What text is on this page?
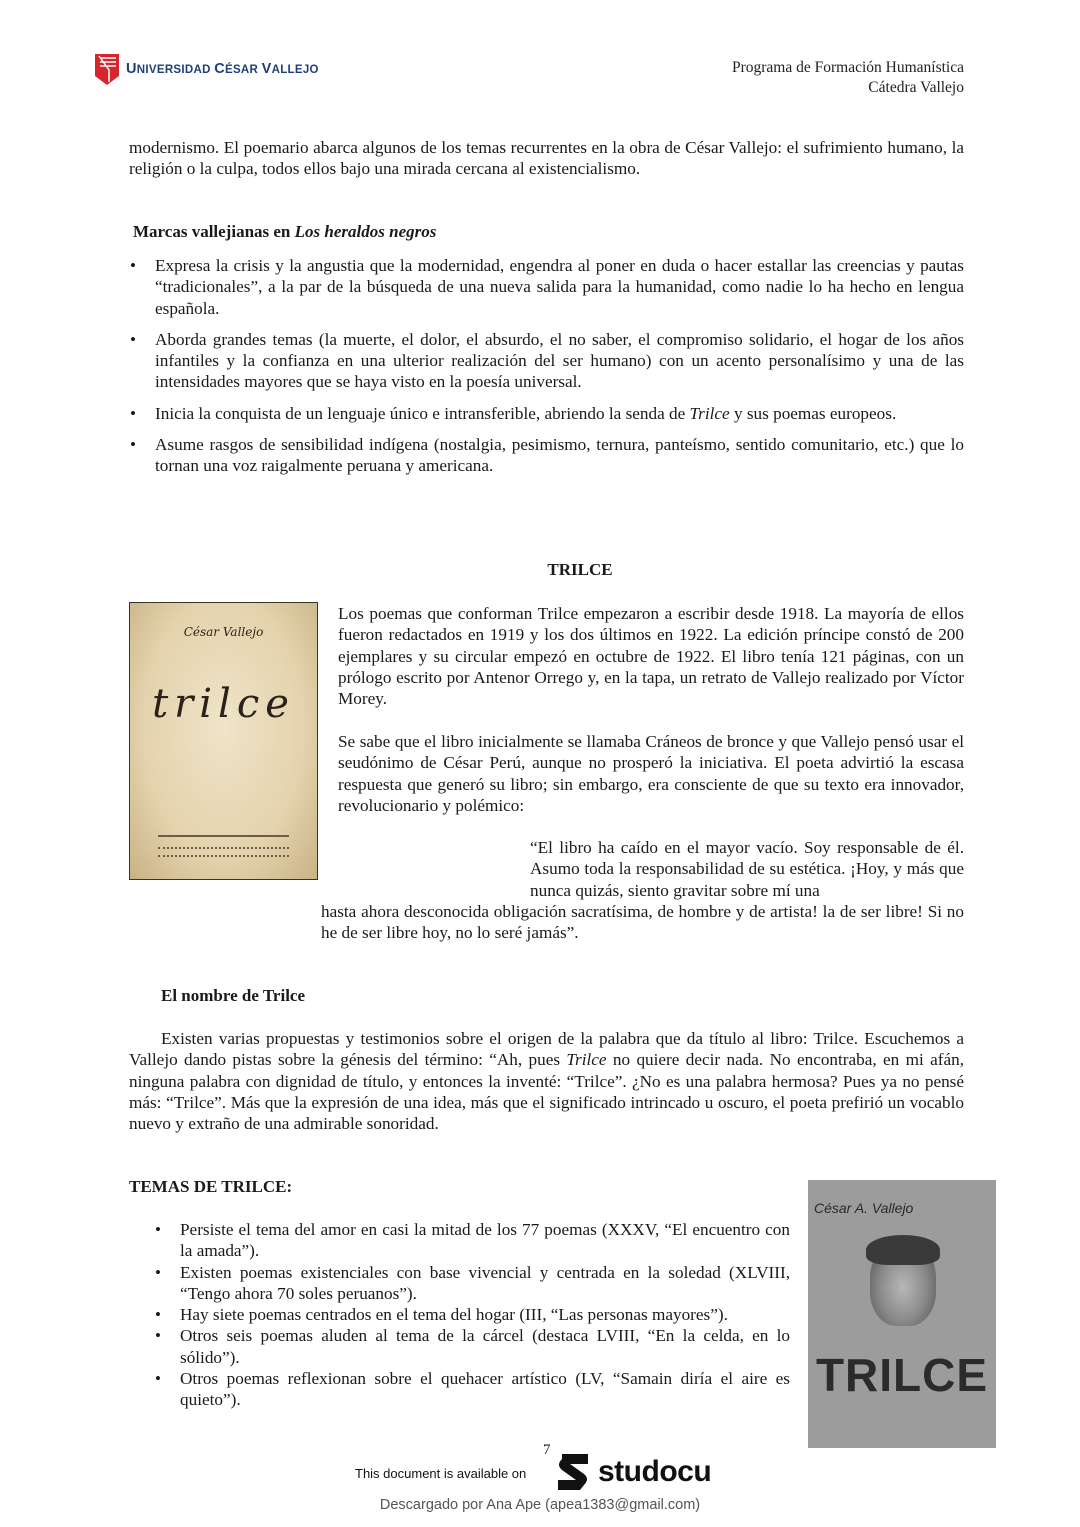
UNIVERSIDAD CÉSAR VALLEJO	Programa de Formación Humanística
Cátedra Vallejo
modernismo. El poemario abarca algunos de los temas recurrentes en la obra de César Vallejo: el sufrimiento humano, la religión o la culpa, todos ellos bajo una mirada cercana al existencialismo.
Marcas vallejianas en Los heraldos negros
• Expresa la crisis y la angustia que la modernidad, engendra al poner en duda o hacer estallar las creencias y pautas “tradicionales”, a la par de la búsqueda de una nueva salida para la humanidad, como nadie lo ha hecho en lengua española.
• Aborda grandes temas (la muerte, el dolor, el absurdo, el no saber, el compromiso solidario, el hogar de los años infantiles y la confianza en una ulterior realización del ser humano) con un acento personalísimo y una de las intensidades mayores que se haya visto en la poesía universal.
• Inicia la conquista de un lenguaje único e intransferible, abriendo la senda de Trilce y sus poemas europeos.
• Asume rasgos de sensibilidad indígena (nostalgia, pesimismo, ternura, panteísmo, sentido comunitario, etc.) que lo tornan una voz raigalmente peruana y americana.
TRILCE
César Vallejo
trilce
Los poemas que conforman Trilce empezaron a escribir desde 1918. La mayoría de ellos fueron redactados en 1919 y los dos últimos en 1922. La edición príncipe constó de 200 ejemplares y su circular empezó en octubre de 1922. El libro tenía 121 páginas, con un prólogo escrito por Antenor Orrego y, en la tapa, un retrato de Vallejo realizado por Víctor Morey.
Se sabe que el libro inicialmente se llamaba Cráneos de bronce y que Vallejo pensó usar el seudónimo de César Perú, aunque no prosperó la iniciativa. El poeta advirtió la escasa respuesta que generó su libro; sin embargo, era consciente de que su texto era innovador, revolucionario y polémico:
“El libro ha caído en el mayor vacío. Soy responsable de él. Asumo toda la responsabilidad de su estética. ¡Hoy, y más que nunca quizás, siento gravitar sobre mí una
hasta ahora desconocida obligación sacratísima, de hombre y de artista! la de ser libre! Si no he de ser libre hoy, no lo seré jamás”.
El nombre de Trilce
Existen varias propuestas y testimonios sobre el origen de la palabra que da título al libro: Trilce. Escuchemos a Vallejo dando pistas sobre la génesis del término: “Ah, pues Trilce no quiere decir nada. No encontraba, en mi afán, ninguna palabra con dignidad de título, y entonces la inventé: “Trilce”. ¿No es una palabra hermosa? Pues ya no pensé más: “Trilce”. Más que la expresión de una idea, más que el significado intrincado u oscuro, el poeta prefirió un vocablo nuevo y extraño de una admirable sonoridad.
TEMAS DE TRILCE:
• Persiste el tema del amor en casi la mitad de los 77 poemas (XXXV, “El encuentro con la amada”).
• Existen poemas existenciales con base vivencial y centrada en la soledad (XLVIII, “Tengo ahora 70 soles peruanos”).
• Hay siete poemas centrados en el tema del hogar (III, “Las personas mayores”).
• Otros seis poemas aluden al tema de la cárcel (destaca LVIII, “En la celda, en lo sólido”).
• Otros poemas reflexionan sobre el quehacer artístico (LV, “Samain diría el aire es quieto”).
César A. Vallejo
TRILCE
7
This document is available on studocu
Descargado por Ana Ape (apea1383@gmail.com)
